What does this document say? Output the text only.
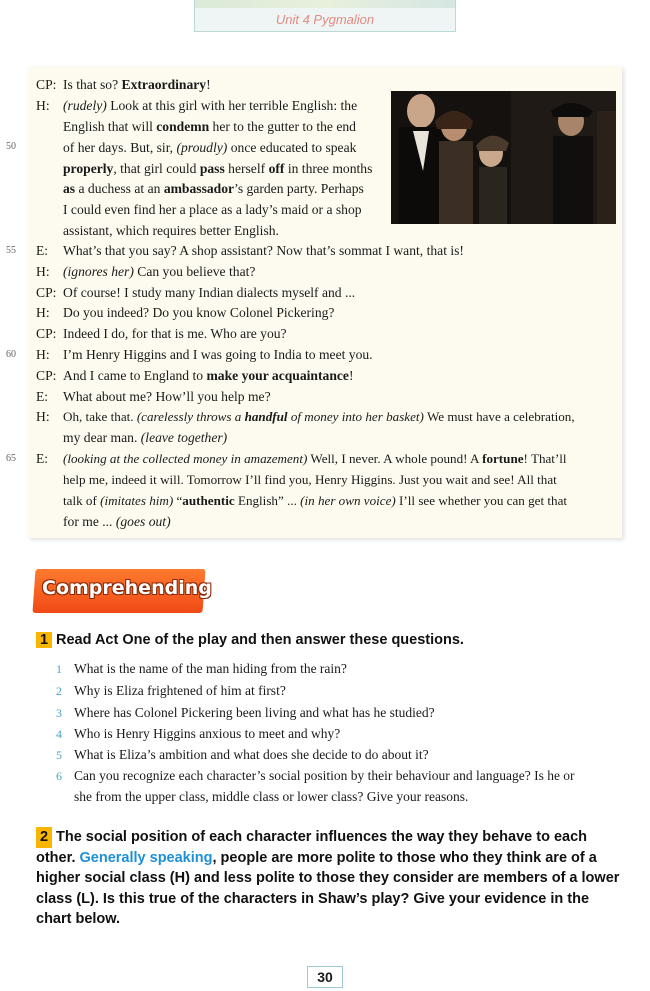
Unit 4 Pygmalion
50
55
60
65
CP:
H:
E:
H:
CP:
H:
CP:
H:
CP:
E:
H:
E:
Is that so? Extraordinary!
(rudely) Look at this girl with her terrible English: the
English that will condemn her to the gutter to the end
of her days. But, sir, (proudly) once educated to speak
properly, that girl could pass herself off in three months
as a duchess at an ambassador’s garden party. Perhaps
I could even find her a place as a lady’s maid or a shop
assistant, which requires better English.
What’s that you say? A shop assistant? Now that’s sommat I want, that is!
(ignores her) Can you believe that?
Of course! I study many Indian dialects myself and ...
Do you indeed? Do you know Colonel Pickering?
Indeed I do, for that is me. Who are you?
I’m Henry Higgins and I was going to India to meet you.
And I came to England to make your acquaintance!
What about me? How’ll you help me?
Oh, take that. (carelessly throws a handful of money into her basket) We must have a celebration,
my dear man. (leave together)
(looking at the collected money in amazement) Well, I never. A whole pound! A fortune! That’ll
help me, indeed it will. Tomorrow I’ll find you, Henry Higgins. Just you wait and see! All that
talk of (imitates him) “authentic English” ... (in her own voice) I’ll see whether you can get that
for me ... (goes out)
Comprehending
1 Read Act One of the play and then answer these questions.
1 What is the name of the man hiding from the rain?
2 Why is Eliza frightened of him at first?
3 Where has Colonel Pickering been living and what has he studied?
4 Who is Henry Higgins anxious to meet and why?
5 What is Eliza’s ambition and what does she decide to do about it?
6 Can you recognize each character’s social position by their behaviour and language? Is he or
she from the upper class, middle class or lower class? Give your reasons.
2 The social position of each character influences the way they behave to each other. Generally speaking, people are more polite to those who they think are of a higher social class (H) and less polite to those they consider are members of a lower class (L). Is this true of the characters in Shaw’s play? Give your evidence in the chart below.
30
